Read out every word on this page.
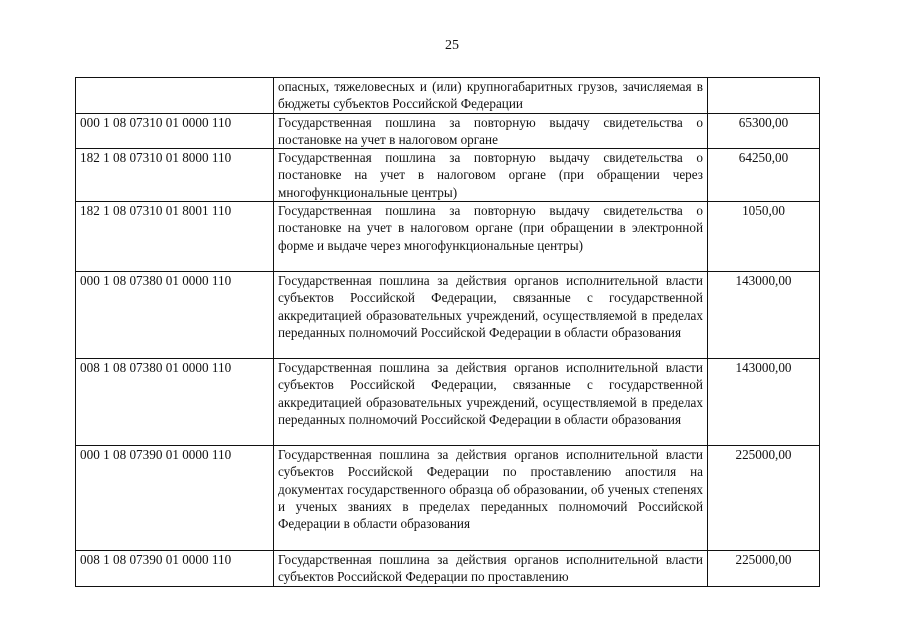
25
	опасных, тяжеловесных и (или) крупногабаритных грузов, зачисляемая в бюджеты субъектов Российской Федерации	
000 1 08 07310 01 0000 110	Государственная пошлина за повторную выдачу свидетельства о постановке на учет в налоговом органе	65300,00
182 1 08 07310 01 8000 110	Государственная пошлина за повторную выдачу свидетельства о постановке на учет в налоговом органе (при обращении через многофункциональные центры)	64250,00
182 1 08 07310 01 8001 110	Государственная пошлина за повторную выдачу свидетельства о постановке на учет в налоговом органе (при обращении в электронной форме и выдаче через многофункциональные центры)	1050,00
000 1 08 07380 01 0000 110	Государственная пошлина за действия органов исполнительной власти субъектов Российской Федерации, связанные с государственной аккредитацией образовательных учреждений, осуществляемой в пределах переданных полномочий Российской Федерации в области образования	143000,00
008 1 08 07380 01 0000 110	Государственная пошлина за действия органов исполнительной власти субъектов Российской Федерации, связанные с государственной аккредитацией образовательных учреждений, осуществляемой в пределах переданных полномочий Российской Федерации в области образования	143000,00
000 1 08 07390 01 0000 110	Государственная пошлина за действия органов исполнительной власти субъектов Российской Федерации по проставлению апостиля на документах государственного образца об образовании, об ученых степенях и ученых званиях в пределах переданных полномочий Российской Федерации в области образования	225000,00
008 1 08 07390 01 0000 110	Государственная пошлина за действия органов исполнительной власти субъектов Российской Федерации по проставлению	225000,00
